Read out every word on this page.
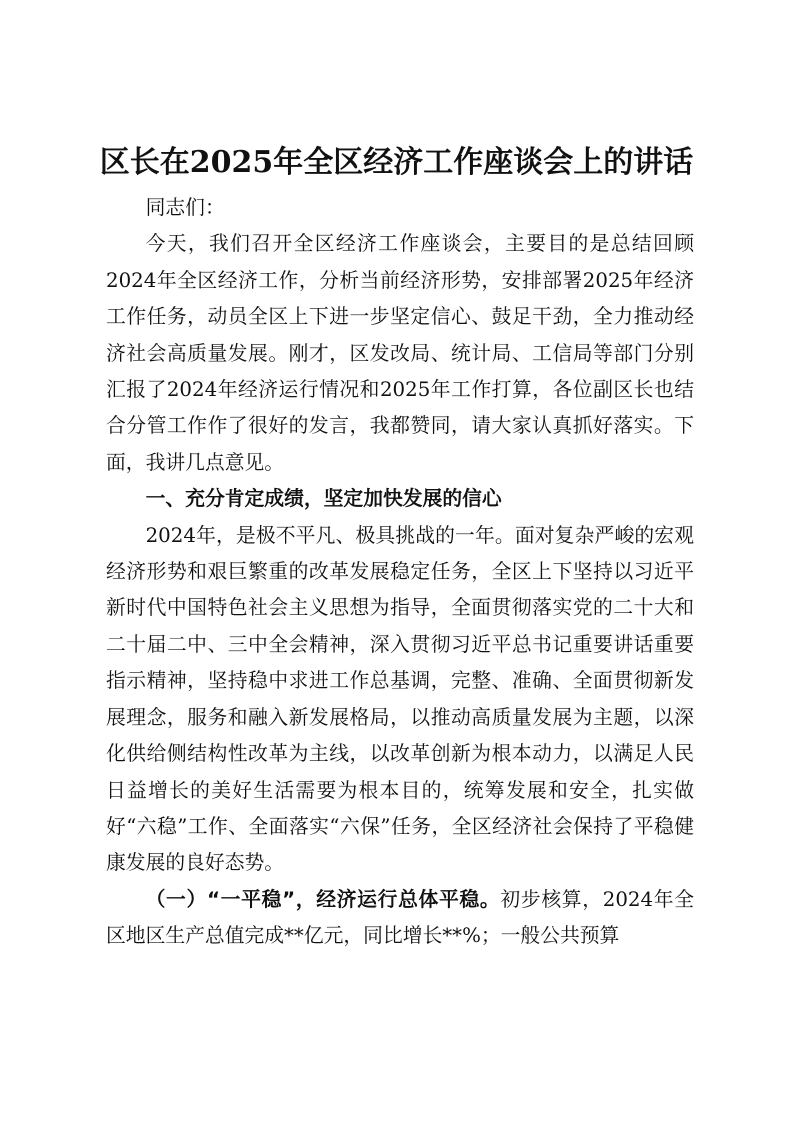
区长在2025年全区经济工作座谈会上的讲话

同志们：

今天，我们召开全区经济工作座谈会，主要目的是总结回顾2024年全区经济工作，分析当前经济形势，安排部署2025年经济工作任务，动员全区上下进一步坚定信心、鼓足干劲，全力推动经济社会高质量发展。刚才，区发改局、统计局、工信局等部门分别汇报了2024年经济运行情况和2025年工作打算，各位副区长也结合分管工作作了很好的发言，我都赞同，请大家认真抓好落实。下面，我讲几点意见。

一、充分肯定成绩，坚定加快发展的信心

2024年，是极不平凡、极具挑战的一年。面对复杂严峻的宏观经济形势和艰巨繁重的改革发展稳定任务，全区上下坚持以习近平新时代中国特色社会主义思想为指导，全面贯彻落实党的二十大和二十届二中、三中全会精神，深入贯彻习近平总书记重要讲话重要指示精神，坚持稳中求进工作总基调，完整、准确、全面贯彻新发展理念，服务和融入新发展格局，以推动高质量发展为主题，以深化供给侧结构性改革为主线，以改革创新为根本动力，以满足人民日益增长的美好生活需要为根本目的，统筹发展和安全，扎实做好“六稳”工作、全面落实“六保”任务，全区经济社会保持了平稳健康发展的良好态势。

（一）“一平稳”，经济运行总体平稳。初步核算，2024年全区地区生产总值完成**亿元，同比增长**%；一般公共预算
